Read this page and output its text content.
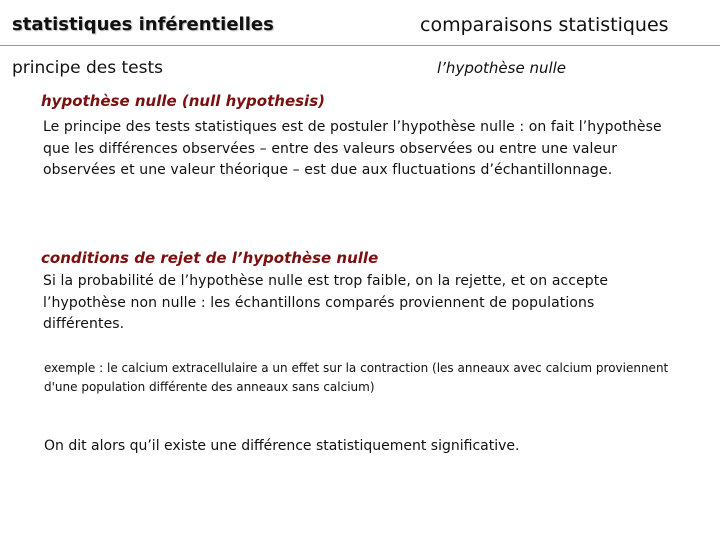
statistiques inférentielles	comparaisons statistiques
principe des tests	l’hypothèse nulle
hypothèse nulle (null hypothesis)
Le principe des tests statistiques est de postuler l’hypothèse nulle : on fait l’hypothèse que les différences observées – entre des valeurs observées ou entre une valeur observées et une valeur théorique – est due aux fluctuations d’échantillonnage.
conditions de rejet de l’hypothèse nulle
Si la probabilité de l’hypothèse nulle est trop faible, on la rejette, et on accepte l’hypothèse non nulle : les échantillons comparés proviennent de populations différentes.
exemple : le calcium extracellulaire a un effet sur la contraction (les anneaux avec calcium proviennent d'une population différente des anneaux sans calcium)
On dit alors qu’il existe une différence statistiquement significative.
